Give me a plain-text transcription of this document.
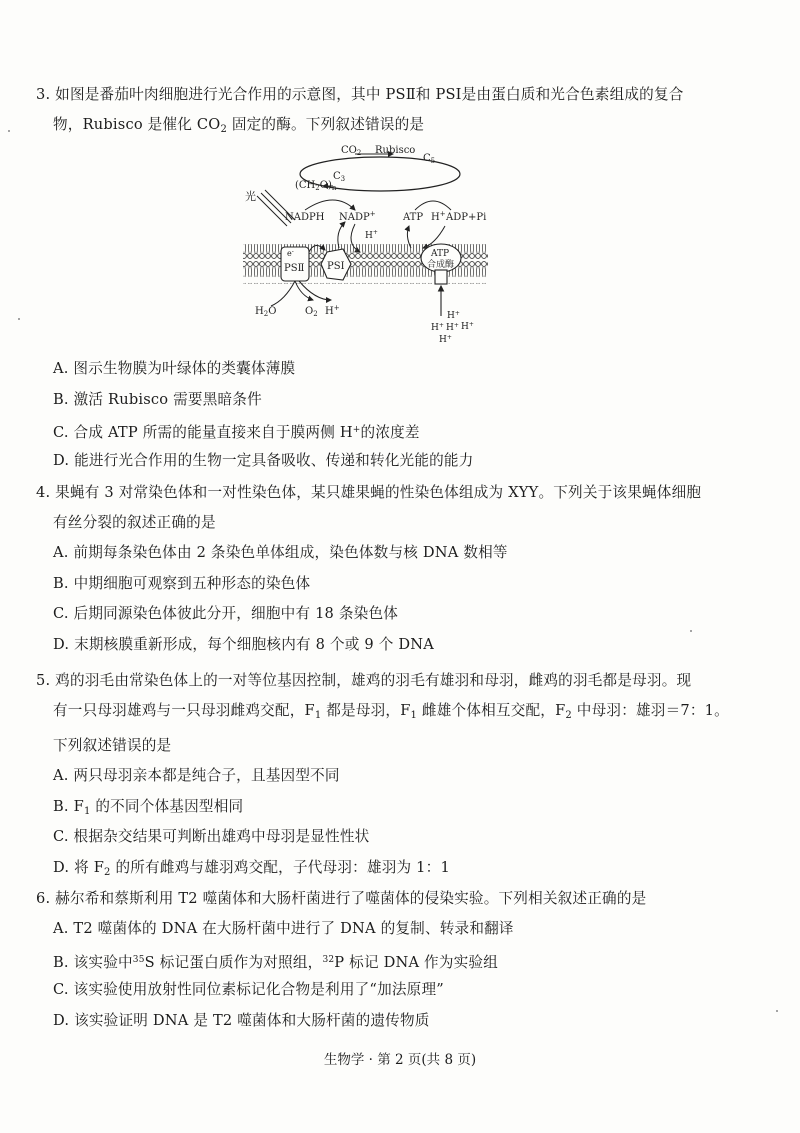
3. 如图是番茄叶肉细胞进行光合作用的示意图，其中 PSⅡ和 PSⅠ是由蛋白质和光合色素组成的复合

物，Rubisco 是催化 $CO_2$ 固定的酶。下列叙述错误的是

$CO_2$ Rubisco
$C_5$
$(CH_2O)_n$
$C_3$
光
NADPH NADP+
H+
ATP H+ ADP+Pi
e-
PSⅡ PSⅠ
ATP
合成酶
$H_2O$	$O_2$ H+
H+
H+ H+ H+
H+

A. 图示生物膜为叶绿体的类囊体薄膜

B. 激活 Rubisco 需要黑暗条件

C. 合成 ATP 所需的能量直接来自于膜两侧 H+的浓度差

D. 能进行光合作用的生物一定具备吸收、传递和转化光能的能力

4. 果蝇有 3 对常染色体和一对性染色体，某只雄果蝇的性染色体组成为 XYY。下列关于该果蝇体细胞

有丝分裂的叙述正确的是

A. 前期每条染色体由 2 条染色单体组成，染色体数与核 DNA 数相等

B. 中期细胞可观察到五种形态的染色体

C. 后期同源染色体彼此分开，细胞中有 18 条染色体

D. 末期核膜重新形成，每个细胞核内有 8 个或 9 个 DNA

5. 鸡的羽毛由常染色体上的一对等位基因控制，雄鸡的羽毛有雄羽和母羽，雌鸡的羽毛都是母羽。现

有一只母羽雄鸡与一只母羽雌鸡交配，$F_1$ 都是母羽，$F_1$ 雌雄个体相互交配，$F_2$ 中母羽：雄羽＝7：1。

下列叙述错误的是

A. 两只母羽亲本都是纯合子，且基因型不同

B. $F_1$ 的不同个体基因型相同

C. 根据杂交结果可判断出雄鸡中母羽是显性性状

D. 将 $F_2$ 的所有雌鸡与雄羽鸡交配，子代母羽：雄羽为 1：1

6. 赫尔希和蔡斯利用 T2 噬菌体和大肠杆菌进行了噬菌体的侵染实验。下列相关叙述正确的是

A. T2 噬菌体的 DNA 在大肠杆菌中进行了 DNA 的复制、转录和翻译

B. 该实验中$^{35}$S 标记蛋白质作为对照组，$^{32}$P 标记 DNA 作为实验组

C. 该实验使用放射性同位素标记化合物是利用了“加法原理”

D. 该实验证明 DNA 是 T2 噬菌体和大肠杆菌的遗传物质

生物学 · 第 2 页(共 8 页)
